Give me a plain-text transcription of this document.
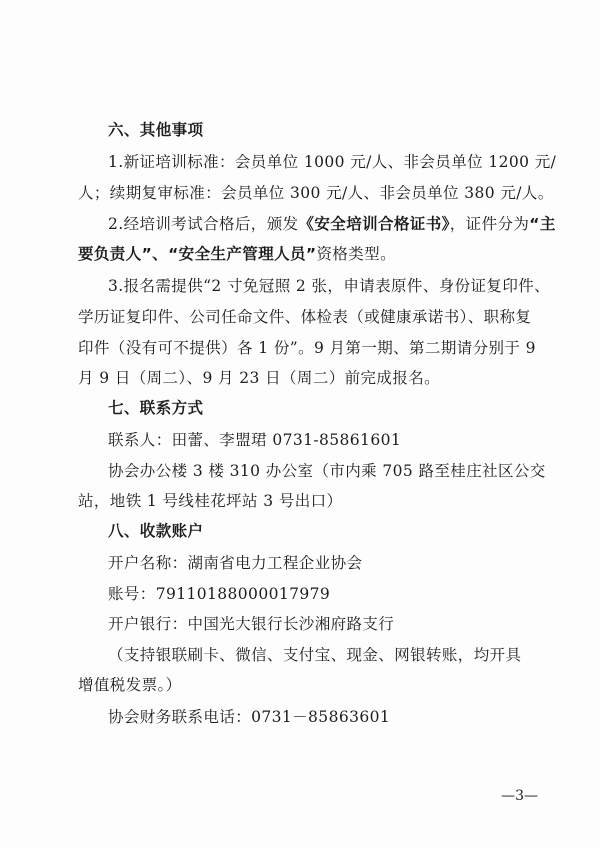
六、其他事项
1.新证培训标准：会员单位 1000 元/人、非会员单位 1200 元/
人；续期复审标准：会员单位 300 元/人、非会员单位 380 元/人。
2.经培训考试合格后，颁发《安全培训合格证书》，证件分为“主
要负责人”、“安全生产管理人员”资格类型。
3.报名需提供“2 寸免冠照 2 张，申请表原件、身份证复印件、
学历证复印件、公司任命文件、体检表（或健康承诺书）、职称复
印件（没有可不提供）各 1 份”。9 月第一期、第二期请分别于 9
月 9 日（周二）、9 月 23 日（周二）前完成报名。
七、联系方式
联系人：田蕾、李盟珺 0731-85861601
协会办公楼 3 楼 310 办公室（市内乘 705 路至桂庄社区公交
站，地铁 1 号线桂花坪站 3 号出口）
八、收款账户
开户名称：湖南省电力工程企业协会
账号：79110188000017979
开户银行：中国光大银行长沙湘府路支行
（支持银联刷卡、微信、支付宝、现金、网银转账，均开具
增值税发票。）
协会财务联系电话：0731－85863601
—3—
